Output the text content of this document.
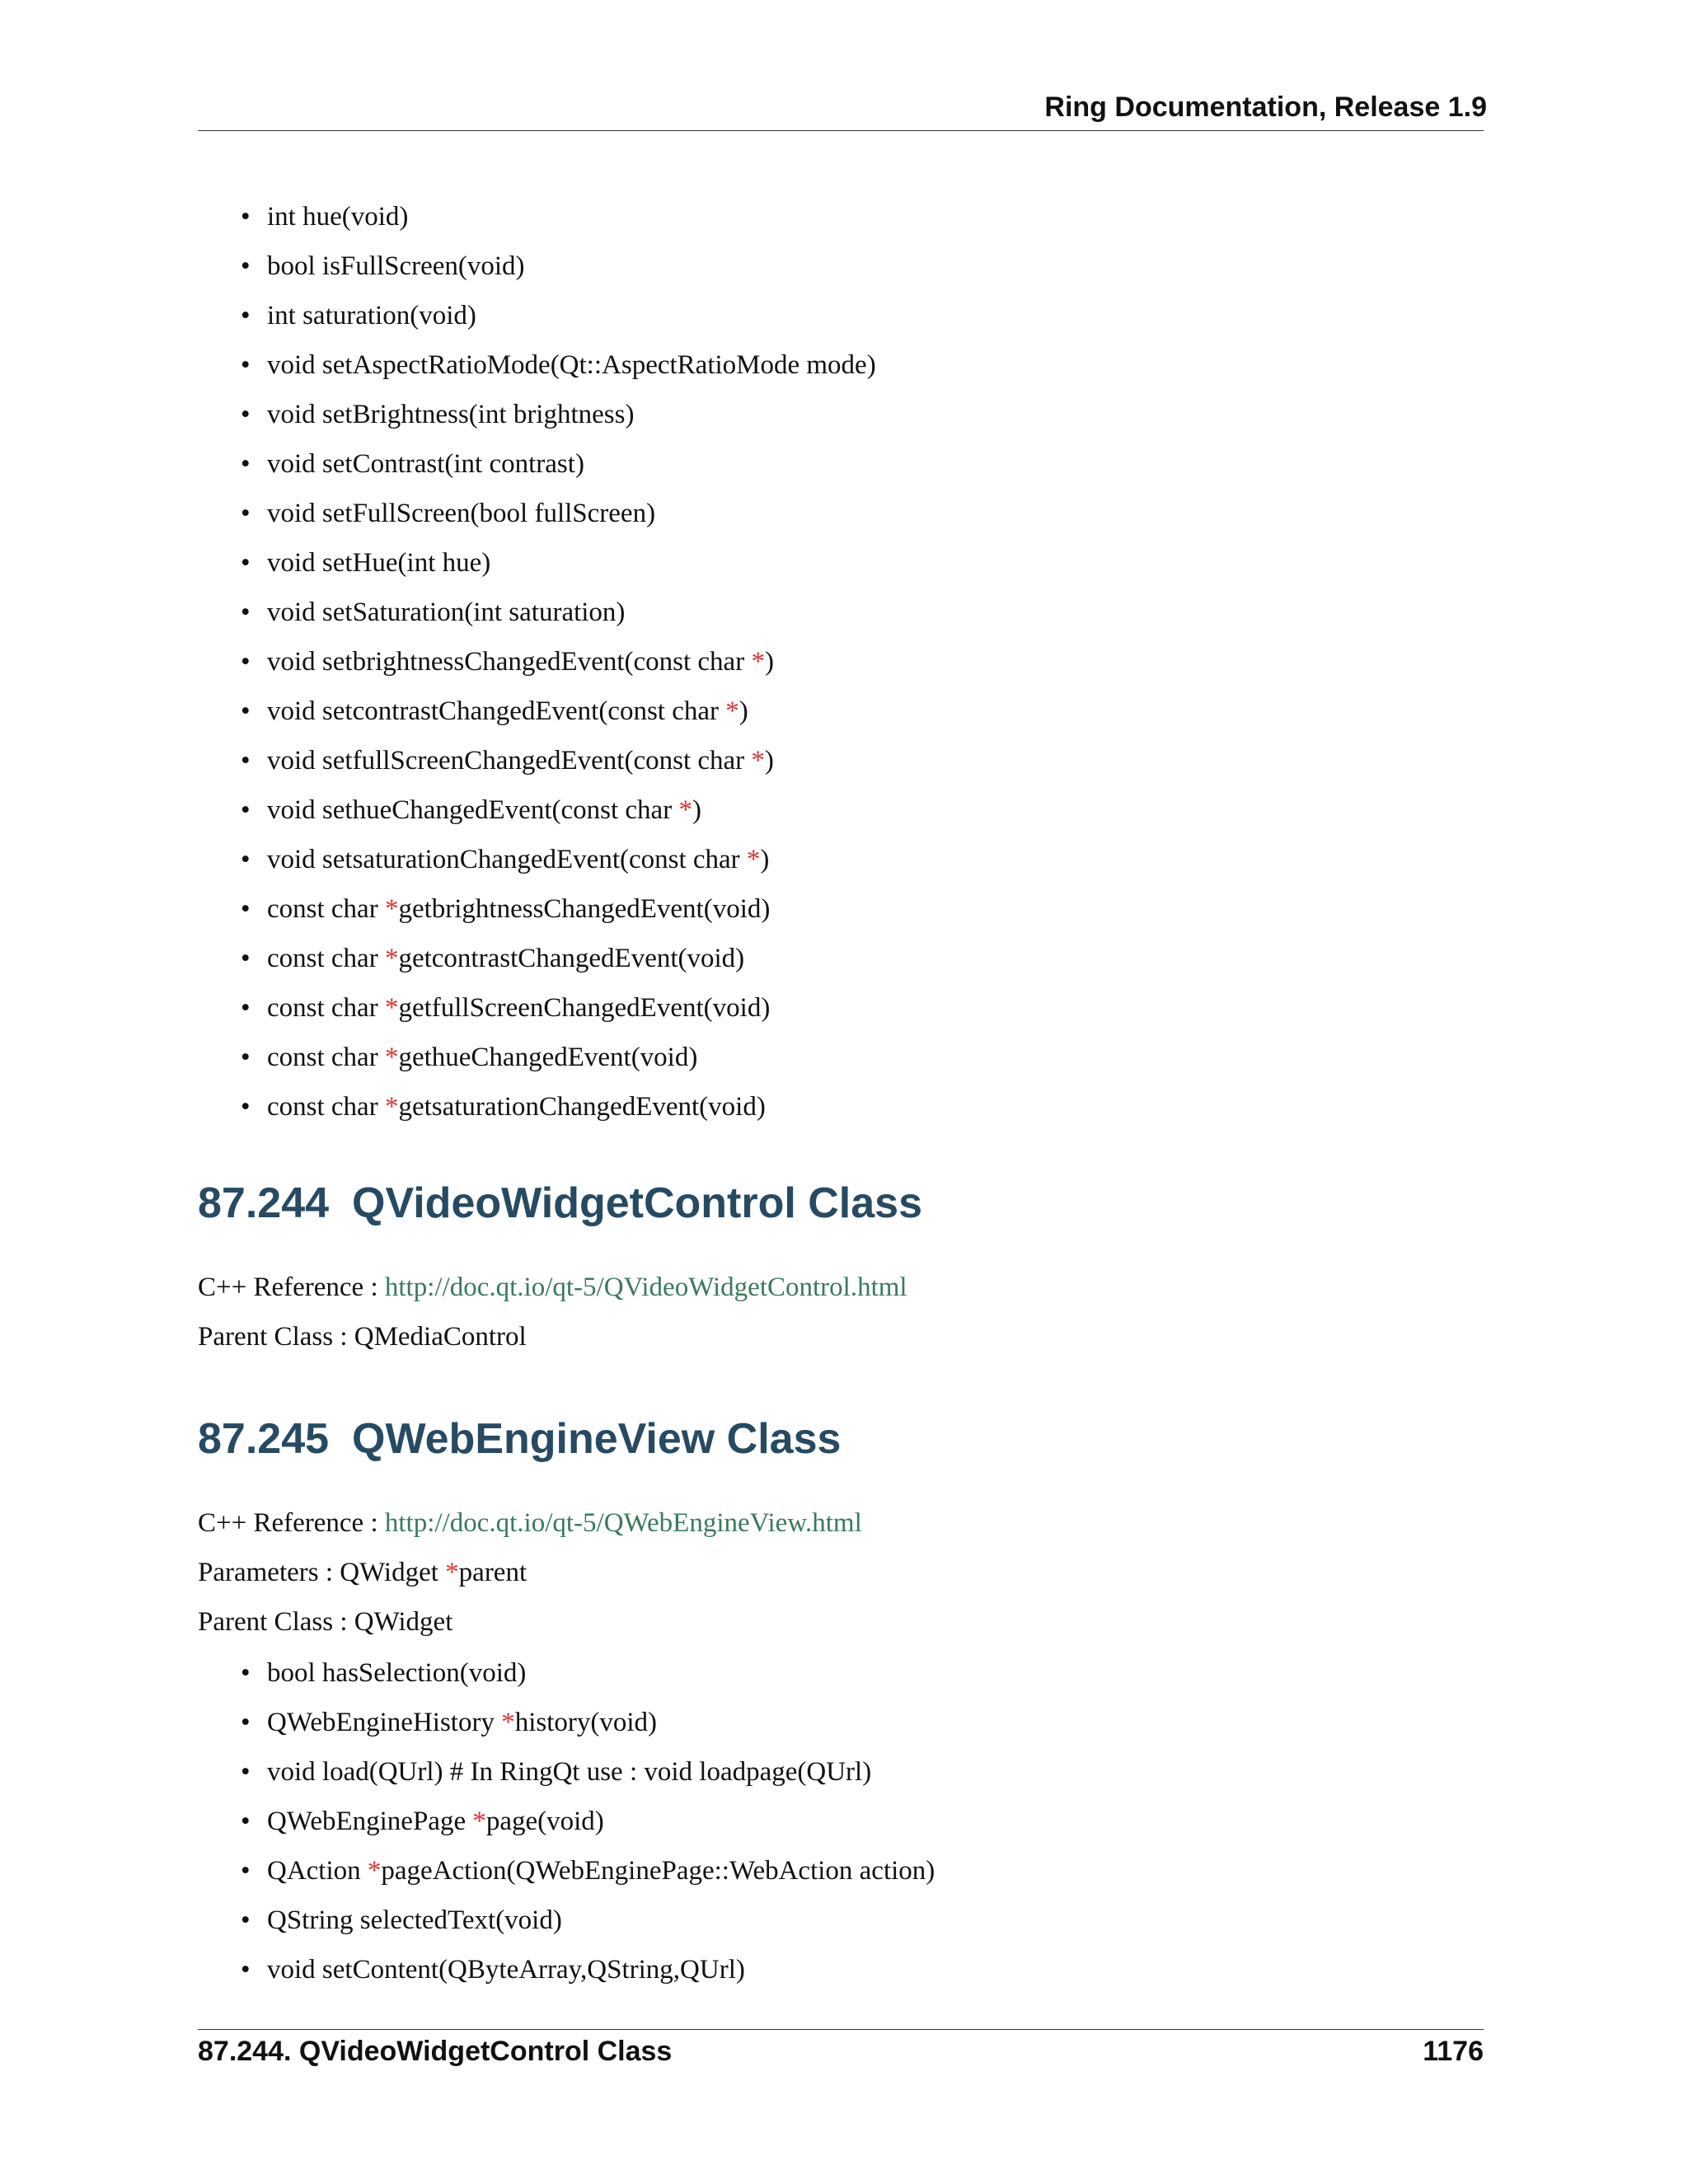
Ring Documentation, Release 1.9
• int hue(void)
• bool isFullScreen(void)
• int saturation(void)
• void setAspectRatioMode(Qt::AspectRatioMode mode)
• void setBrightness(int brightness)
• void setContrast(int contrast)
• void setFullScreen(bool fullScreen)
• void setHue(int hue)
• void setSaturation(int saturation)
• void setbrightnessChangedEvent(const char *)
• void setcontrastChangedEvent(const char *)
• void setfullScreenChangedEvent(const char *)
• void sethueChangedEvent(const char *)
• void setsaturationChangedEvent(const char *)
• const char *getbrightnessChangedEvent(void)
• const char *getcontrastChangedEvent(void)
• const char *getfullScreenChangedEvent(void)
• const char *gethueChangedEvent(void)
• const char *getsaturationChangedEvent(void)
87.244 QVideoWidgetControl Class
C++ Reference : http://doc.qt.io/qt-5/QVideoWidgetControl.html
Parent Class : QMediaControl
87.245 QWebEngineView Class
C++ Reference : http://doc.qt.io/qt-5/QWebEngineView.html
Parameters : QWidget *parent
Parent Class : QWidget
• bool hasSelection(void)
• QWebEngineHistory *history(void)
• void load(QUrl) # In RingQt use : void loadpage(QUrl)
• QWebEnginePage *page(void)
• QAction *pageAction(QWebEnginePage::WebAction action)
• QString selectedText(void)
• void setContent(QByteArray,QString,QUrl)
87.244. QVideoWidgetControl Class	1176
